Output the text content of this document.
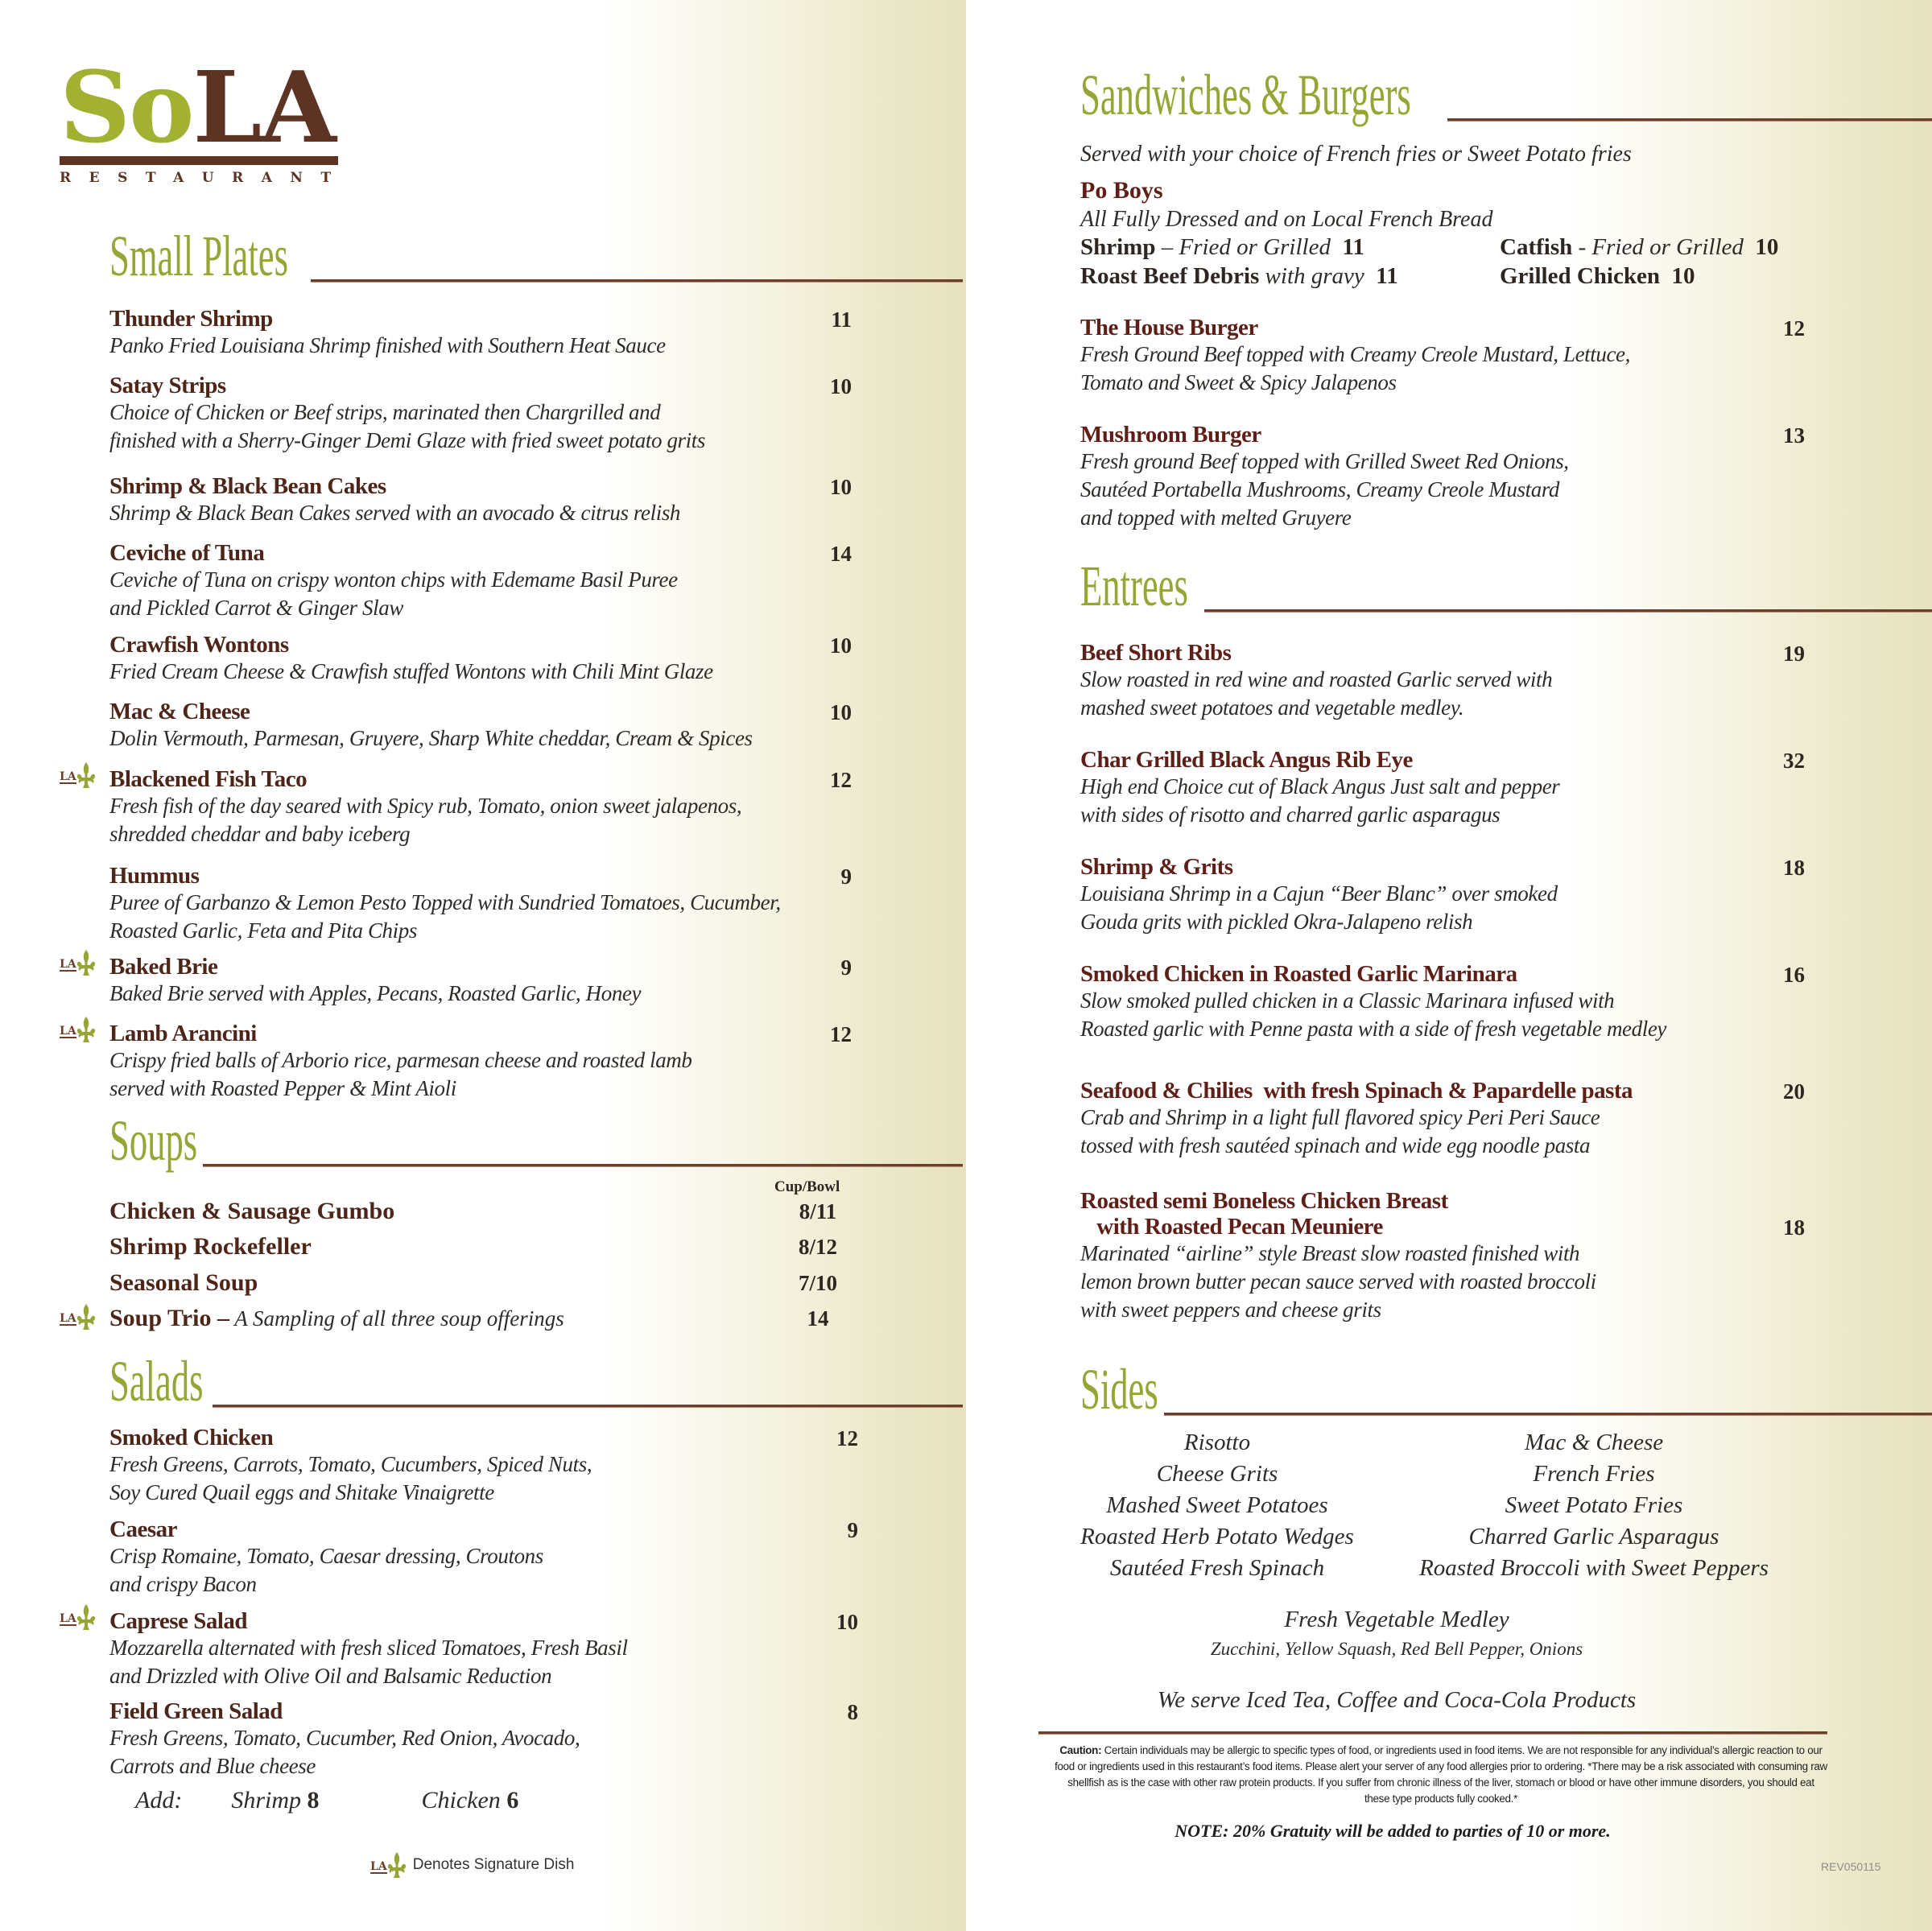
SoLA
RESTAURANT
Small Plates
Thunder Shrimp
Panko Fried Louisiana Shrimp finished with Southern Heat Sauce
11
Satay Strips
Choice of Chicken or Beef strips, marinated then Chargrilled and
finished with a Sherry-Ginger Demi Glaze with fried sweet potato grits
10
Shrimp & Black Bean Cakes
Shrimp & Black Bean Cakes served with an avocado & citrus relish
10
Ceviche of Tuna
Ceviche of Tuna on crispy wonton chips with Edemame Basil Puree
and Pickled Carrot & Ginger Slaw
14
Crawfish Wontons
Fried Cream Cheese & Crawfish stuffed Wontons with Chili Mint Glaze
10
Mac & Cheese
Dolin Vermouth, Parmesan, Gruyere, Sharp White cheddar, Cream & Spices
10
Blackened Fish Taco
Fresh fish of the day seared with Spicy rub, Tomato, onion sweet jalapenos,
shredded cheddar and baby iceberg
12
LA
Hummus
Puree of Garbanzo & Lemon Pesto Topped with Sundried Tomatoes, Cucumber,
Roasted Garlic, Feta and Pita Chips
9
Baked Brie
Baked Brie served with Apples, Pecans, Roasted Garlic, Honey
9
LA
Lamb Arancini
Crispy fried balls of Arborio rice, parmesan cheese and roasted lamb
served with Roasted Pepper & Mint Aioli
12
LA
Soups
Cup/Bowl
Chicken & Sausage Gumbo	8/11
Shrimp Rockefeller	8/12
Seasonal Soup	7/10
Soup Trio – A Sampling of all three soup offerings	14
LA
Salads
Smoked Chicken
Fresh Greens, Carrots, Tomato, Cucumbers, Spiced Nuts,
Soy Cured Quail eggs and Shitake Vinaigrette
12
Caesar
Crisp Romaine, Tomato, Caesar dressing, Croutons
and crispy Bacon
9
Caprese Salad
Mozzarella alternated with fresh sliced Tomatoes, Fresh Basil
and Drizzled with Olive Oil and Balsamic Reduction
10
LA
Field Green Salad
Fresh Greens, Tomato, Cucumber, Red Onion, Avocado,
Carrots and Blue cheese
8
Add: Shrimp 8	Chicken 6
LA Denotes Signature Dish
Sandwiches & Burgers
Served with your choice of French fries or Sweet Potato fries
Po Boys
All Fully Dressed and on Local French Bread
Shrimp – Fried or Grilled 11	Catfish - Fried or Grilled 10
Roast Beef Debris with gravy 11	Grilled Chicken 10
The House Burger
Fresh Ground Beef topped with Creamy Creole Mustard, Lettuce,
Tomato and Sweet & Spicy Jalapenos
12
Mushroom Burger
Fresh ground Beef topped with Grilled Sweet Red Onions,
Sautéed Portabella Mushrooms, Creamy Creole Mustard
and topped with melted Gruyere
13
Entrees
Beef Short Ribs
Slow roasted in red wine and roasted Garlic served with
mashed sweet potatoes and vegetable medley.
19
Char Grilled Black Angus Rib Eye
High end Choice cut of Black Angus Just salt and pepper
with sides of risotto and charred garlic asparagus
32
Shrimp & Grits
Louisiana Shrimp in a Cajun “Beer Blanc” over smoked
Gouda grits with pickled Okra-Jalapeno relish
18
Smoked Chicken in Roasted Garlic Marinara
Slow smoked pulled chicken in a Classic Marinara infused with
Roasted garlic with Penne pasta with a side of fresh vegetable medley
16
Seafood & Chilies  with fresh Spinach & Papardelle pasta
Crab and Shrimp in a light full flavored spicy Peri Peri Sauce
tossed with fresh sautéed spinach and wide egg noodle pasta
20
Roasted semi Boneless Chicken Breast
with Roasted Pecan Meuniere
Marinated “airline” style Breast slow roasted finished with
lemon brown butter pecan sauce served with roasted broccoli
with sweet peppers and cheese grits
18
Sides
Risotto
Cheese Grits
Mashed Sweet Potatoes
Roasted Herb Potato Wedges
Sautéed Fresh Spinach
Mac & Cheese
French Fries
Sweet Potato Fries
Charred Garlic Asparagus
Roasted Broccoli with Sweet Peppers
Fresh Vegetable Medley
Zucchini, Yellow Squash, Red Bell Pepper, Onions
We serve Iced Tea, Coffee and Coca-Cola Products
Caution: Certain individuals may be allergic to specific types of food, or ingredients used in food items. We are not responsible for any individual’s allergic reaction to our food or ingredients used in this restaurant’s food items. Please alert your server of any food allergies prior to ordering. *There may be a risk associated with consuming raw shellfish as is the case with other raw protein products. If you suffer from chronic illness of the liver, stomach or blood or have other immune disorders, you should eat these type products fully cooked.*
NOTE: 20% Gratuity will be added to parties of 10 or more.
REV050115
